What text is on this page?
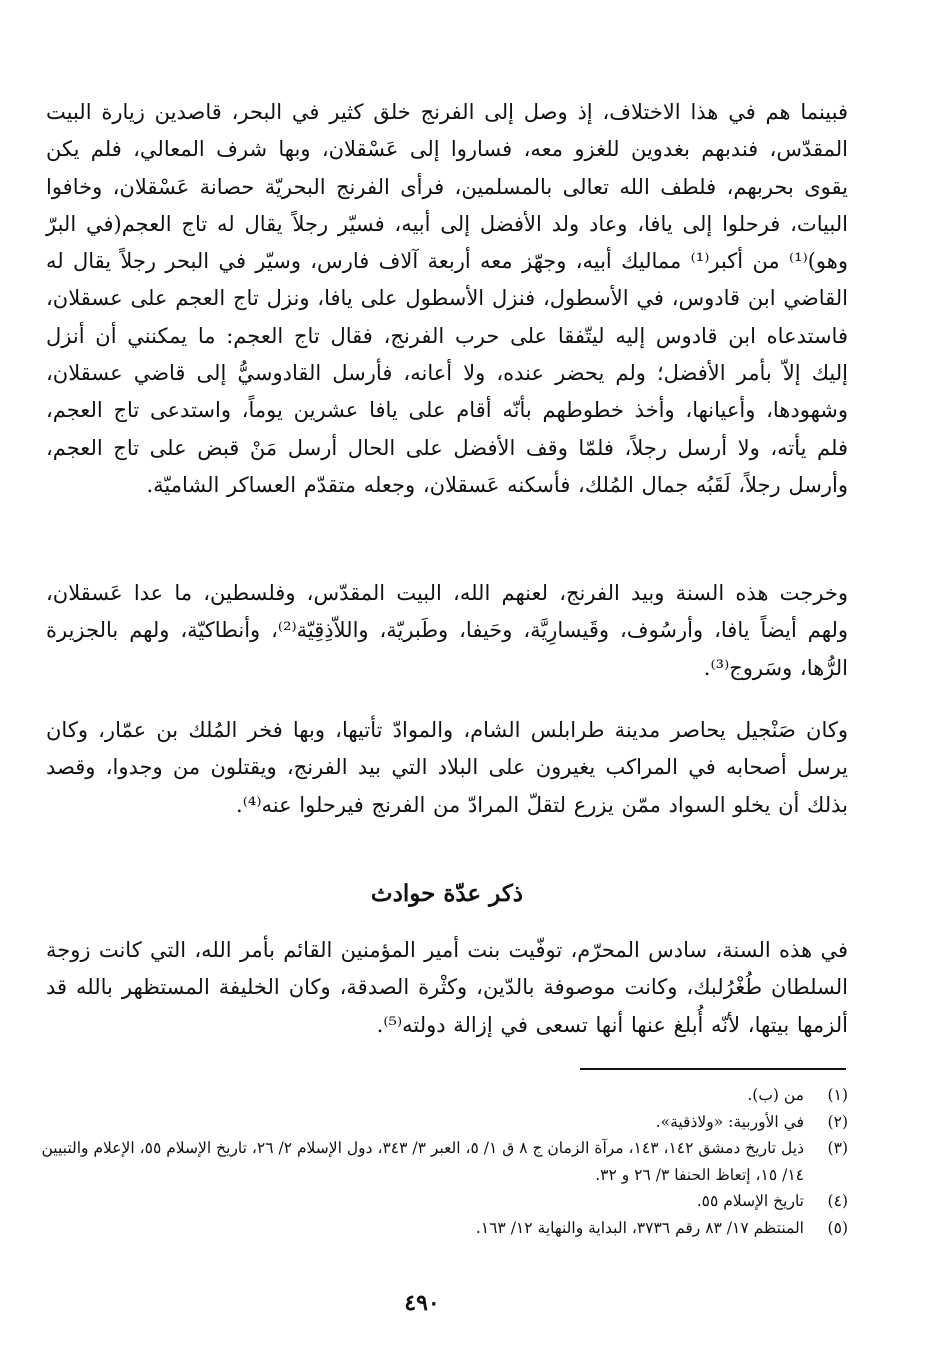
فبينما هم في هذا الاختلاف، إذ وصل إلى الفرنج خلق كثير في البحر، قاصدين زيارة البيت المقدّس، فندبهم بغدوين للغزو معه، فساروا إلى عَسْقلان، وبها شرف المعالي، فلم يكن يقوى بحربهم، فلطف الله تعالى بالمسلمين، فرأى الفرنج البحريّة حصانة عَسْقلان، وخافوا البيات، فرحلوا إلى يافا، وعاد ولد الأفضل إلى أبيه، فسيّر رجلاً يقال له تاج العجم(في البرّ وهو)⁽¹⁾ من أكبر⁽¹⁾ مماليك أبيه، وجهّز معه أربعة آلاف فارس، وسيّر في البحر رجلاً يقال له القاضي ابن قادوس، في الأسطول، فنزل الأسطول على يافا، ونزل تاج العجم على عسقلان، فاستدعاه ابن قادوس إليه ليتّفقا على حرب الفرنج، فقال تاج العجم: ما يمكنني أن أنزل إليك إلاّ بأمر الأفضل؛ ولم يحضر عنده، ولا أعانه، فأرسل القادوسيُّ إلى قاضي عسقلان، وشهودها، وأعيانها، وأخذ خطوطهم بأنّه أقام على يافا عشرين يوماً، واستدعى تاج العجم، فلم يأته، ولا أرسل رجلاً، فلمّا وقف الأفضل على الحال أرسل مَنْ قبض على تاج العجم، وأرسل رجلاً، لَقَبُه جمال المُلك، فأسكنه عَسقلان، وجعله متقدّم العساكر الشاميّة.

وخرجت هذه السنة وبيد الفرنج، لعنهم الله، البيت المقدّس، وفلسطين، ما عدا عَسقلان، ولهم أيضاً يافا، وأرسُوف، وقَيسارِيَّة، وحَيفا، وطَبريّة، واللاّذِقِيّة⁽²⁾، وأنطاكيّة، ولهم بالجزيرة الرُّها، وسَروج⁽³⁾.

وكان صَنْجيل يحاصر مدينة طرابلس الشام، والموادّ تأتيها، وبها فخر المُلك بن عمّار، وكان يرسل أصحابه في المراكب يغيرون على البلاد التي بيد الفرنج، ويقتلون من وجدوا، وقصد بذلك أن يخلو السواد ممّن يزرع لتقلّ المرادّ من الفرنج فيرحلوا عنه⁽⁴⁾.

ذكر عدّة حوادث

في هذه السنة، سادس المحرّم، توفّيت بنت أمير المؤمنين القائم بأمر الله، التي كانت زوجة السلطان طُغْرُلبك، وكانت موصوفة بالدّين، وكثْرة الصدقة، وكان الخليفة المستظهر بالله قد ألزمها بيتها، لأنّه أُبلغ عنها أنها تسعى في إزالة دولته⁽⁵⁾.

(١)
من (ب).
(٢)
في الأوربية: «ولاذقية».
(٣)
ذيل تاريخ دمشق ١٤٢، ١٤٣، مرآة الزمان ج ٨ ق ١/ ٥، العبر ٣/ ٣٤٣، دول الإسلام ٢/ ٢٦، تاريخ الإسلام ٥٥، الإعلام والتبيين ١٤/ ١٥، إتعاظ الحنفا ٣/ ٢٦ و ٣٢.
(٤)
تاريخ الإسلام ٥٥.
(٥)
المنتظم ١٧/ ٨٣ رقم ٣٧٣٦، البداية والنهاية ١٢/ ١٦٣.

٤٩٠
